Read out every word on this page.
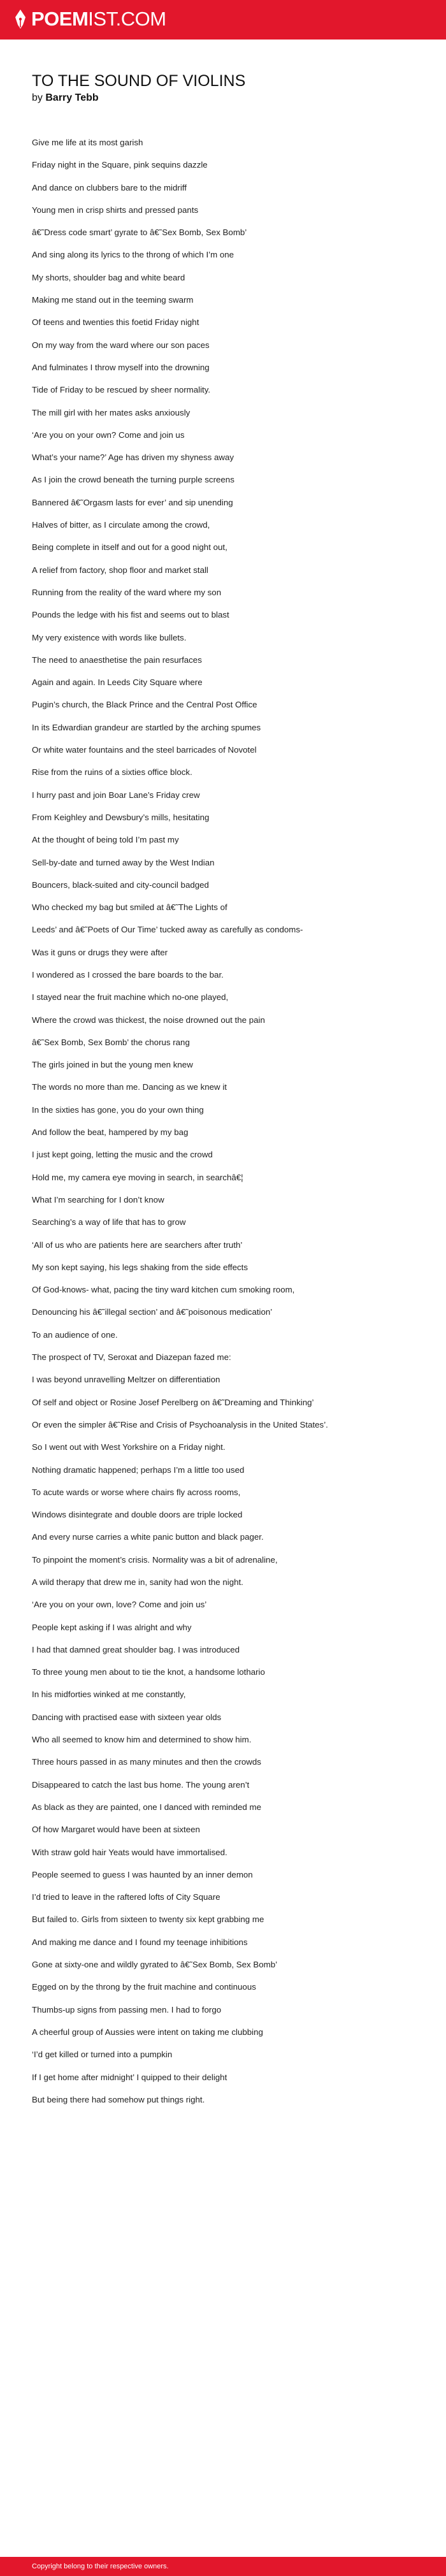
POEMIST.COM
TO THE SOUND OF VIOLINS

by Barry Tebb

Give me life at its most garish
Friday night in the Square, pink sequins dazzle
And dance on clubbers bare to the midriff
Young men in crisp shirts and pressed pants
â€˜Dress code smart’ gyrate to â€˜Sex Bomb, Sex Bomb’
And sing along its lyrics to the throng of which I’m one
My shorts, shoulder bag and white beard
Making me stand out in the teeming swarm
Of teens and twenties this foetid Friday night
On my way from the ward where our son paces
And fulminates I throw myself into the drowning
Tide of Friday to be rescued by sheer normality.
The mill girl with her mates asks anxiously
‘Are you on your own? Come and join us
What’s your name?’ Age has driven my shyness away
As I join the crowd beneath the turning purple screens
Bannered â€˜Orgasm lasts for ever’ and sip unending
Halves of bitter, as I circulate among the crowd,
Being complete in itself and out for a good night out,
A relief from factory, shop floor and market stall
Running from the reality of the ward where my son
Pounds the ledge with his fist and seems out to blast
My very existence with words like bullets.
The need to anaesthetise the pain resurfaces
Again and again. In Leeds City Square where
Pugin’s church, the Black Prince and the Central Post Office
In its Edwardian grandeur are startled by the arching spumes
Or white water fountains and the steel barricades of Novotel
Rise from the ruins of a sixties office block.
I hurry past and join Boar Lane’s Friday crew
From Keighley and Dewsbury’s mills, hesitating
At the thought of being told I’m past my
Sell-by-date and turned away by the West Indian
Bouncers, black-suited and city-council badged
Who checked my bag but smiled at â€˜The Lights of
Leeds’ and â€˜Poets of Our Time’ tucked away as carefully as condoms-
Was it guns or drugs they were after
I wondered as I crossed the bare boards to the bar.
I stayed near the fruit machine which no-one played,
Where the crowd was thickest, the noise drowned out the pain
â€˜Sex Bomb, Sex Bomb’ the chorus rang
The girls joined in but the young men knew
The words no more than me. Dancing as we knew it
In the sixties has gone, you do your own thing
And follow the beat, hampered by my bag
I just kept going, letting the music and the crowd
Hold me, my camera eye moving in search, in searchâ€¦
What I’m searching for I don’t know
Searching’s a way of life that has to grow
‘All of us who are patients here are searchers after truth’
My son kept saying, his legs shaking from the side effects
Of God-knows- what, pacing the tiny ward kitchen cum smoking room,
Denouncing his â€˜illegal section’ and â€˜poisonous medication’
To an audience of one.
The prospect of TV, Seroxat and Diazepan fazed me:
I was beyond unravelling Meltzer on differentiation
Of self and object or Rosine Josef Perelberg on â€˜Dreaming and Thinking’
Or even the simpler â€˜Rise and Crisis of Psychoanalysis in the United States’.
So I went out with West Yorkshire on a Friday night.
Nothing dramatic happened; perhaps I’m a little too used
To acute wards or worse where chairs fly across rooms,
Windows disintegrate and double doors are triple locked
And every nurse carries a white panic button and black pager.
To pinpoint the moment’s crisis. Normality was a bit of adrenaline,
A wild therapy that drew me in, sanity had won the night.
‘Are you on your own, love? Come and join us’
People kept asking if I was alright and why
I had that damned great shoulder bag. I was introduced
To three young men about to tie the knot, a handsome lothario
In his midforties winked at me constantly,
Dancing with practised ease with sixteen year olds
Who all seemed to know him and determined to show him.
Three hours passed in as many minutes and then the crowds
Disappeared to catch the last bus home. The young aren’t
As black as they are painted, one I danced with reminded me
Of how Margaret would have been at sixteen
With straw gold hair Yeats would have immortalised.
People seemed to guess I was haunted by an inner demon
I’d tried to leave in the raftered lofts of City Square
But failed to. Girls from sixteen to twenty six kept grabbing me
And making me dance and I found my teenage inhibitions
Gone at sixty-one and wildly gyrated to â€˜Sex Bomb, Sex Bomb’
Egged on by the throng by the fruit machine and continuous
Thumbs-up signs from passing men. I had to forgo
A cheerful group of Aussies were intent on taking me clubbing
‘I’d get killed or turned into a pumpkin
If I get home after midnight’ I quipped to their delight
But being there had somehow put things right.
Copyright belong to their respective owners.
